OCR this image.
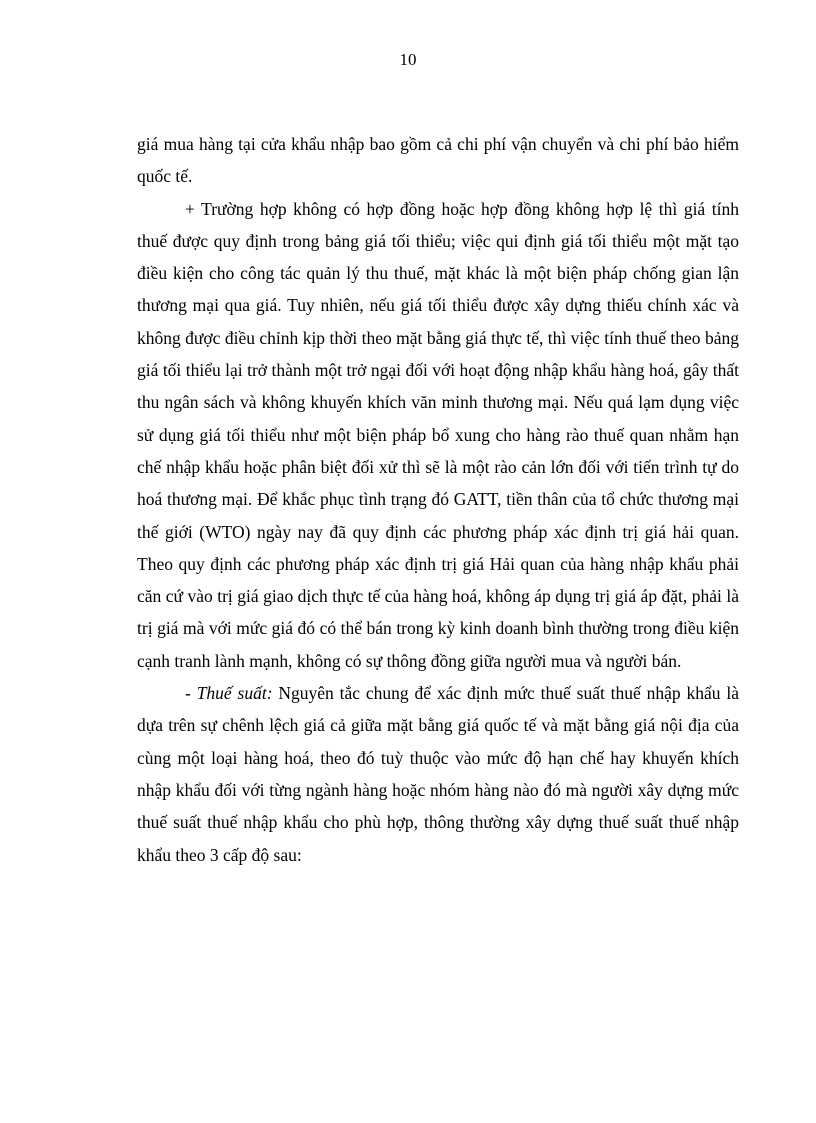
10

giá mua hàng tại cửa khẩu nhập bao gồm cả chi phí vận chuyển và chi phí bảo hiểm quốc tế.

+ Trường hợp không có hợp đồng hoặc hợp đồng không hợp lệ thì giá tính thuế được quy định trong bảng giá tối thiểu; việc qui định giá tối thiểu một mặt tạo điều kiện cho công tác quản lý thu thuế, mặt khác là một biện pháp chống gian lận thương mại qua giá. Tuy nhiên, nếu giá tối thiểu được xây dựng thiếu chính xác và không được điều chỉnh kịp thời theo mặt bằng giá thực tế, thì việc tính thuế theo bảng giá tối thiểu lại trở thành một trở ngại đối với hoạt động nhập khẩu hàng hoá, gây thất thu ngân sách và không khuyến khích văn minh thương mại. Nếu quá lạm dụng việc sử dụng giá tối thiểu như một biện pháp bổ xung cho hàng rào thuế quan nhằm hạn chế nhập khẩu hoặc phân biệt đối xử thì sẽ là một rào cản lớn đối với tiến trình tự do hoá thương mại. Để khắc phục tình trạng đó GATT, tiền thân của tổ chức thương mại thế giới (WTO) ngày nay đã quy định các phương pháp xác định trị giá hải quan. Theo quy định các phương pháp xác định trị giá Hải quan của hàng nhập khẩu phải căn cứ vào trị giá giao dịch thực tế của hàng hoá, không áp dụng trị giá áp đặt, phải là trị giá mà với mức giá đó có thể bán trong kỳ kinh doanh bình thường trong điều kiện cạnh tranh lành mạnh, không có sự thông đồng giữa người mua và người bán.

- Thuế suất: Nguyên tắc chung để xác định mức thuế suất thuế nhập khẩu là dựa trên sự chênh lệch giá cả giữa mặt bằng giá quốc tế và mặt bằng giá nội địa của cùng một loại hàng hoá, theo đó tuỳ thuộc vào mức độ hạn chế hay khuyến khích nhập khẩu đối với từng ngành hàng hoặc nhóm hàng nào đó mà người xây dựng mức thuế suất thuế nhập khẩu cho phù hợp, thông thường xây dựng thuế suất thuế nhập khẩu theo 3 cấp độ sau:
